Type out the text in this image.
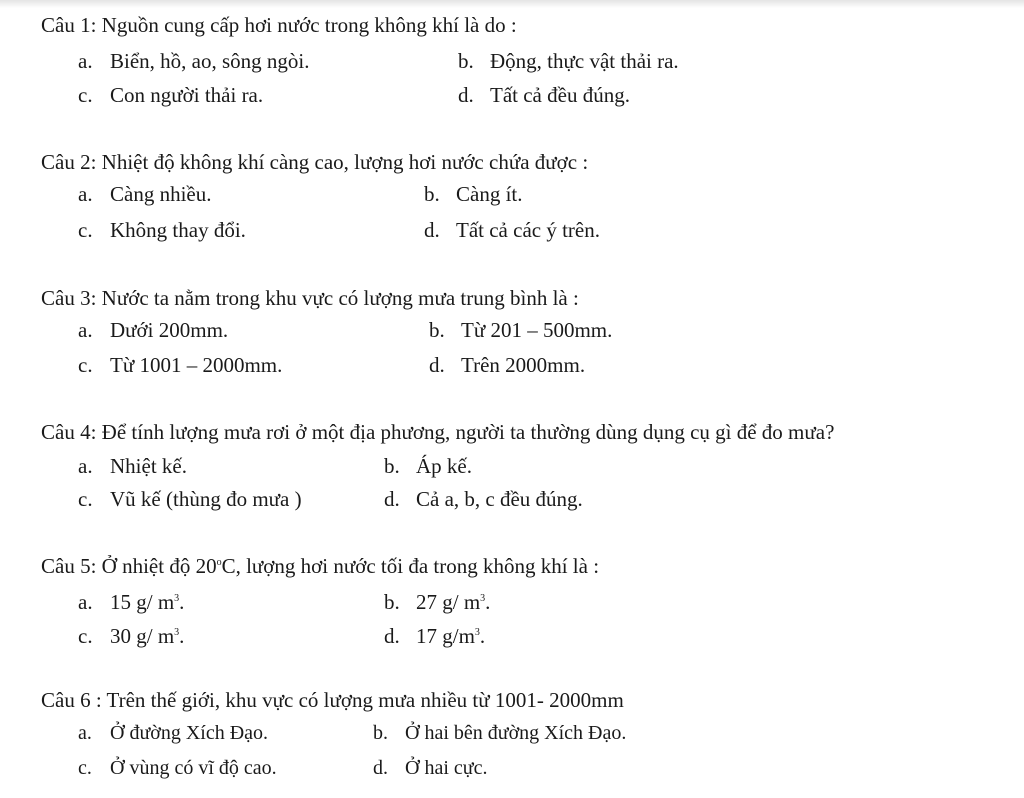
Câu 1: Nguồn cung cấp hơi nước trong không khí là do :
a. Biển, hồ, ao, sông ngòi.	b. Động, thực vật thải ra.
c. Con người thải ra.	d. Tất cả đều đúng.
Câu 2: Nhiệt độ không khí càng cao, lượng hơi nước chứa được :
a. Càng nhiều.	b. Càng ít.
c. Không thay đổi.	d. Tất cả các ý trên.
Câu 3: Nước ta nằm trong khu vực có lượng mưa trung bình là :
a. Dưới 200mm.	b. Từ 201 – 500mm.
c. Từ 1001 – 2000mm.	d. Trên 2000mm.
Câu 4: Để tính lượng mưa rơi ở một địa phương, người ta thường dùng dụng cụ gì để đo mưa?
a. Nhiệt kế.	b. Áp kế.
c. Vũ kế (thùng đo mưa )	d. Cả a, b, c đều đúng.
Câu 5: Ở nhiệt độ 20$^o$C, lượng hơi nước tối đa trong không khí là :
a. 15 g/ $m^3$.	b. 27 g/ $m^3$.
c. 30 g/ $m^3$.	d. 17 $g/m^3$.
Câu 6 : Trên thế giới, khu vực có lượng mưa nhiều từ 1001- 2000mm
a. Ở đường Xích Đạo.	b. Ở hai bên đường Xích Đạo.
c. Ở vùng có vĩ độ cao.	d. Ở hai cực.
